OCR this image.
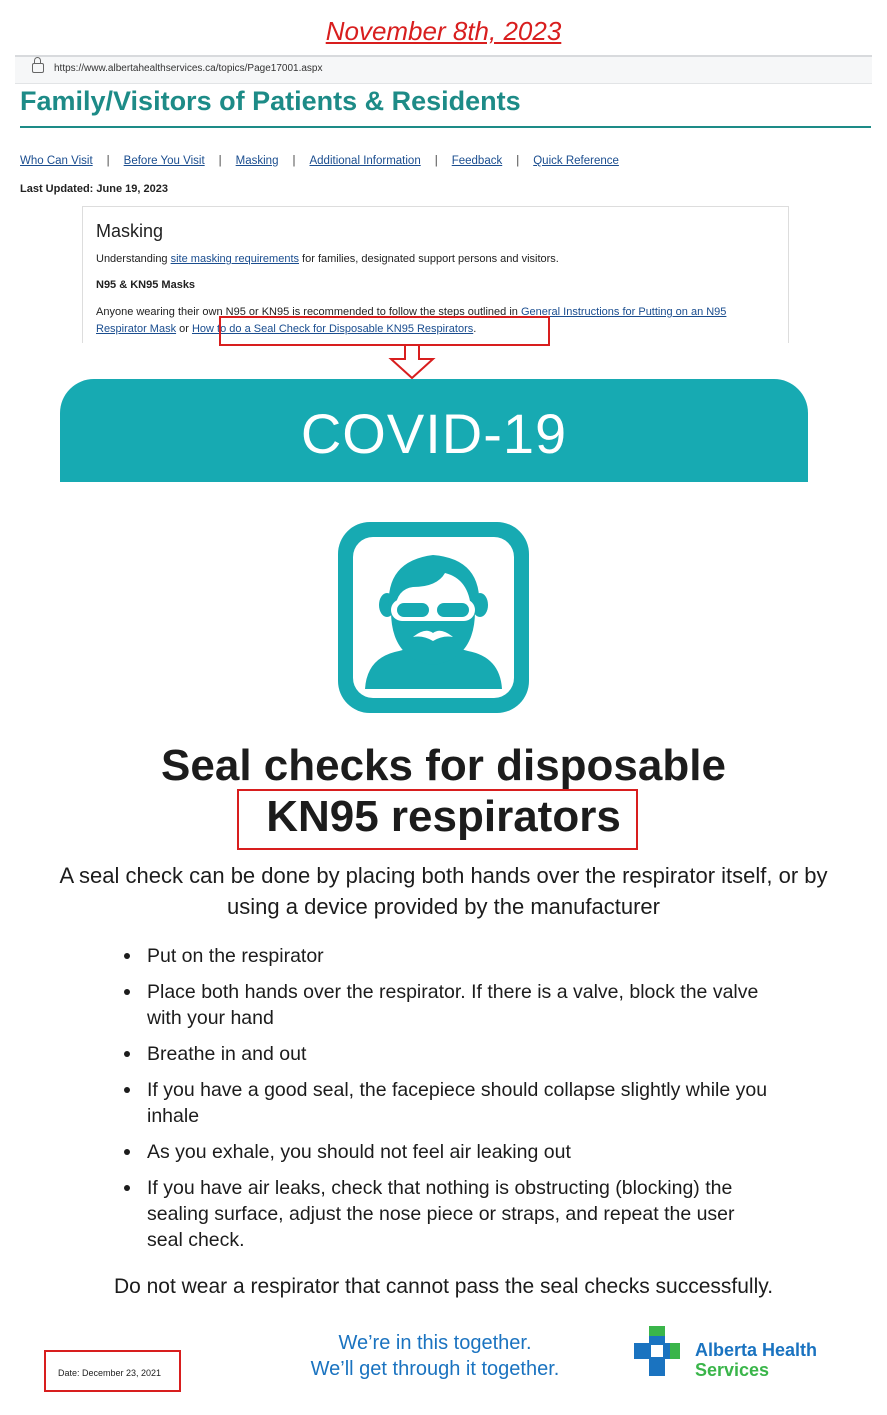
November 8th, 2023
https://www.albertahealthservices.ca/topics/Page17001.aspx
Family/Visitors of Patients & Residents
Who Can Visit | Before You Visit | Masking | Additional Information | Feedback | Quick Reference
Last Updated: June 19, 2023
Masking
Understanding site masking requirements for families, designated support persons and visitors.
N95 & KN95 Masks
Anyone wearing their own N95 or KN95 is recommended to follow the steps outlined in General Instructions for Putting on an N95 Respirator Mask or How to do a Seal Check for Disposable KN95 Respirators.
COVID-19
Seal checks for disposable
KN95 respirators
A seal check can be done by placing both hands over the respirator itself, or by using a device provided by the manufacturer
Put on the respirator
Place both hands over the respirator. If there is a valve, block the valve with your hand
Breathe in and out
If you have a good seal, the facepiece should collapse slightly while you inhale
As you exhale, you should not feel air leaking out
If you have air leaks, check that nothing is obstructing (blocking) the sealing surface, adjust the nose piece or straps, and repeat the user seal check.
Do not wear a respirator that cannot pass the seal checks successfully.
Date: December 23, 2021
We’re in this together.
We’ll get through it together.
Alberta Health
Services
